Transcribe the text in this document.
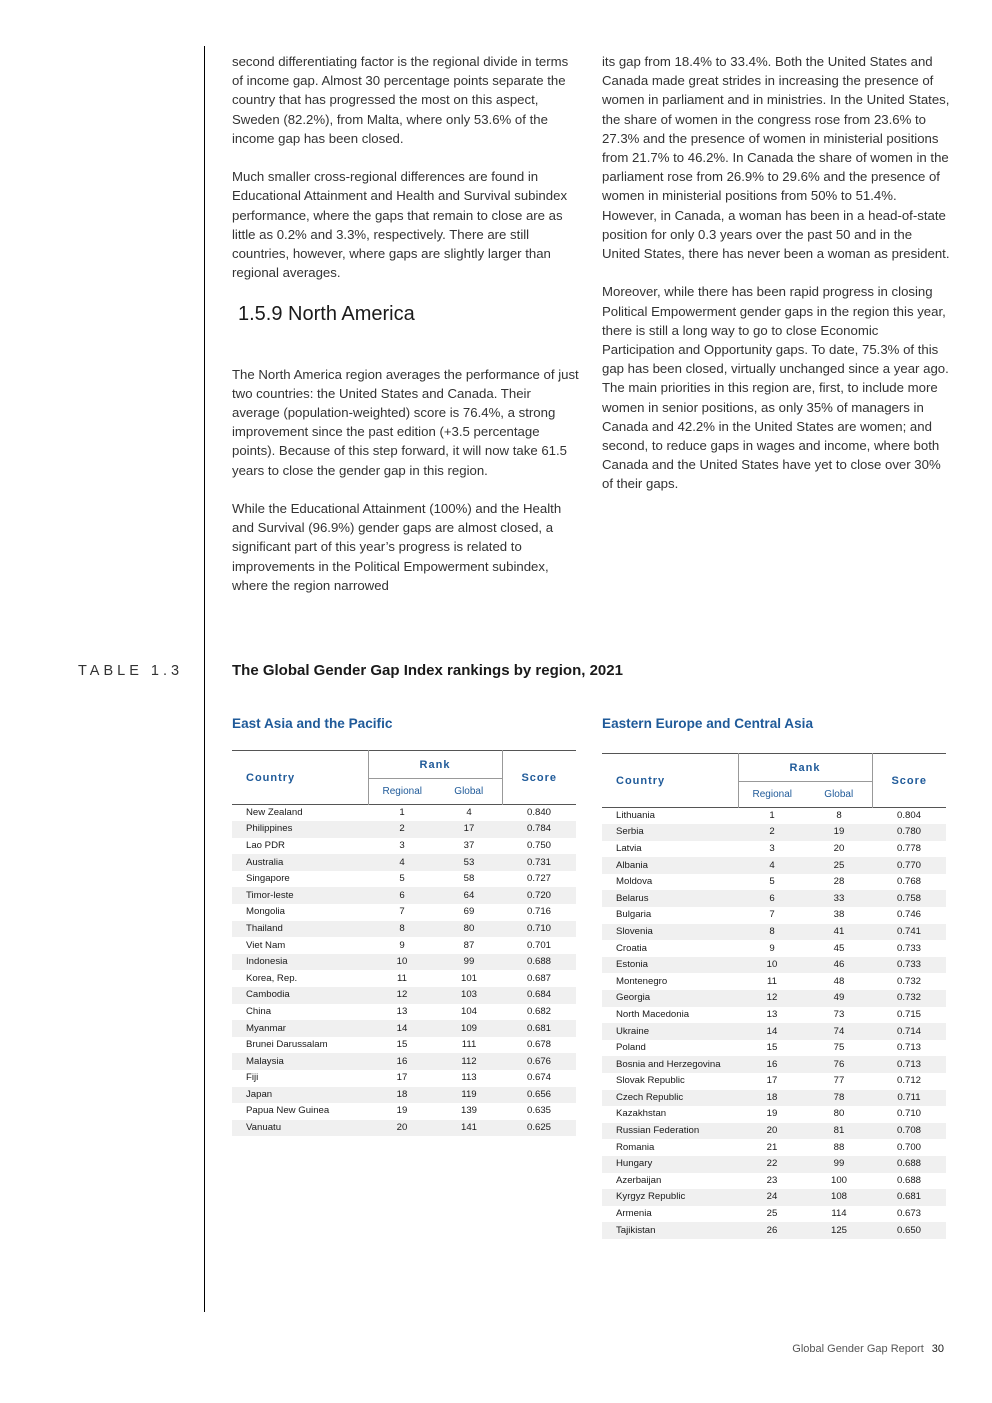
second differentiating factor is the regional divide in terms of income gap. Almost 30 percentage points separate the country that has progressed the most on this aspect, Sweden (82.2%), from Malta, where only 53.6% of the income gap has been closed.

Much smaller cross-regional differences are found in Educational Attainment and Health and Survival subindex performance, where the gaps that remain to close are as little as 0.2% and 3.3%, respectively. There are still countries, however, where gaps are slightly larger than regional averages.

1.5.9 North America

The North America region averages the performance of just two countries: the United States and Canada. Their average (population-weighted) score is 76.4%, a strong improvement since the past edition (+3.5 percentage points). Because of this step forward, it will now take 61.5 years to close the gender gap in this region.

While the Educational Attainment (100%) and the Health and Survival (96.9%) gender gaps are almost closed, a significant part of this year’s progress is related to improvements in the Political Empowerment subindex, where the region narrowed

its gap from 18.4% to 33.4%. Both the United States and Canada made great strides in increasing the presence of women in parliament and in ministries. In the United States, the share of women in the congress rose from 23.6% to 27.3% and the presence of women in ministerial positions from 21.7% to 46.2%. In Canada the share of women in the parliament rose from 26.9% to 29.6% and the presence of women in ministerial positions from 50% to 51.4%. However, in Canada, a woman has been in a head-of-state position for only 0.3 years over the past 50 and in the United States, there has never been a woman as president.

Moreover, while there has been rapid progress in closing Political Empowerment gender gaps in the region this year, there is still a long way to go to close Economic Participation and Opportunity gaps. To date, 75.3% of this gap has been closed, virtually unchanged since a year ago. The main priorities in this region are, first, to include more women in senior positions, as only 35% of managers in Canada and 42.2% in the United States are women; and second, to reduce gaps in wages and income, where both Canada and the United States have yet to close over 30% of their gaps.

TABLE 1.3	The Global Gender Gap Index rankings by region, 2021
East Asia and the Pacific
Country	Rank		Score
	Regional	Global	
New Zealand	1	4	0.840
Philippines	2	17	0.784
Lao PDR	3	37	0.750
Australia	4	53	0.731
Singapore	5	58	0.727
Timor-leste	6	64	0.720
Mongolia	7	69	0.716
Thailand	8	80	0.710
Viet Nam	9	87	0.701
Indonesia	10	99	0.688
Korea, Rep.	11	101	0.687
Cambodia	12	103	0.684
China	13	104	0.682
Myanmar	14	109	0.681
Brunei Darussalam	15	111	0.678
Malaysia	16	112	0.676
Fiji	17	113	0.674
Japan	18	119	0.656
Papua New Guinea	19	139	0.635
Vanuatu	20	141	0.625
Eastern Europe and Central Asia
Country	Rank		Score
	Regional	Global	
Lithuania	1	8	0.804
Serbia	2	19	0.780
Latvia	3	20	0.778
Albania	4	25	0.770
Moldova	5	28	0.768
Belarus	6	33	0.758
Bulgaria	7	38	0.746
Slovenia	8	41	0.741
Croatia	9	45	0.733
Estonia	10	46	0.733
Montenegro	11	48	0.732
Georgia	12	49	0.732
North Macedonia	13	73	0.715
Ukraine	14	74	0.714
Poland	15	75	0.713
Bosnia and Herzegovina	16	76	0.713
Slovak Republic	17	77	0.712
Czech Republic	18	78	0.711
Kazakhstan	19	80	0.710
Russian Federation	20	81	0.708
Romania	21	88	0.700
Hungary	22	99	0.688
Azerbaijan	23	100	0.688
Kyrgyz Republic	24	108	0.681
Armenia	25	114	0.673
Tajikistan	26	125	0.650
Global Gender Gap Report 30
